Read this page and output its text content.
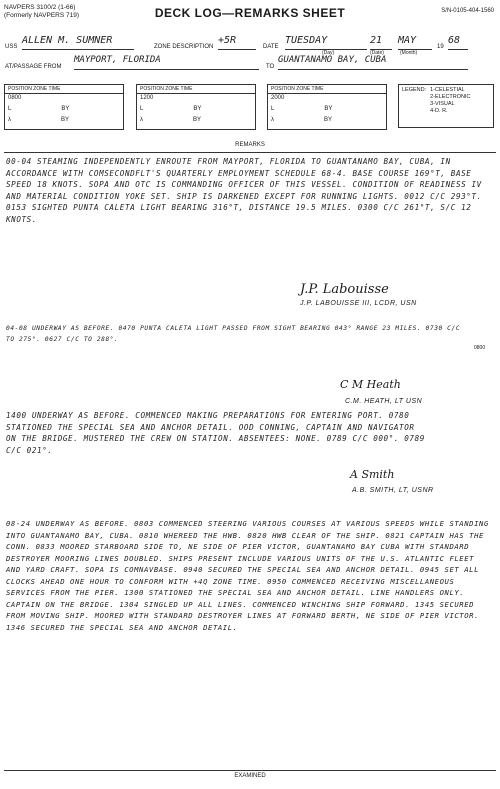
NAVPERS 3100/2 (1-66)
(Formerly NAVPERS 719)	DECK LOG—REMARKS SHEET	S/N-0105-404-1560
USS
ALLEN M. SUMNER
ZONE DESCRIPTION
+5R
DATE
TUESDAY	21	MAY
19
68
(Day)	(Date)	(Month)
AT/PASSAGE FROM
MAYPORT, FLORIDA
TO
GUANTANAMO BAY, CUBA
POSITION ZONE TIME
0800
L	BY
λ	BY
POSITION ZONE TIME
1200
L	BY
λ	BY
POSITION ZONE TIME
2000
L	BY
λ	BY
LEGEND: 1-CELESTIAL
2-ELECTRONIC
3-VISUAL
4-D. R.
REMARKS
00-04 STEAMING INDEPENDENTLY ENROUTE FROM MAYPORT, FLORIDA TO GUANTANAMO BAY, CUBA, IN ACCORDANCE WITH COMSECONDFLT'S QUARTERLY EMPLOYMENT SCHEDULE 68-4. BASE COURSE 169°T, BASE SPEED 18 KNOTS. SOPA AND OTC IS COMMANDING OFFICER OF THIS VESSEL. CONDITION OF READINESS IV AND MATERIAL CONDITION YOKE SET. SHIP IS DARKENED EXCEPT FOR RUNNING LIGHTS. 0012 C/C 293°T. 0153 SIGHTED PUNTA CALETA LIGHT BEARING 316°T, DISTANCE 19.5 MILES. 0300 C/C 261°T, S/C 12 KNOTS.
J.P. Labouisse
J.P. LABOUISSE III, LCDR, USN
04-08 UNDERWAY AS BEFORE. 0470 PUNTA CALETA LIGHT PASSED FROM SIGHT BEARING 043° RANGE 23 MILES. 0730 C/C TO 275°. 0627 C/C TO 288°.
0800
C M Heath
C.M. HEATH, LT USN
1400 UNDERWAY AS BEFORE. COMMENCED MAKING PREPARATIONS FOR ENTERING PORT. 0780 STATIONED THE SPECIAL SEA AND ANCHOR DETAIL. OOD CONNING, CAPTAIN AND NAVIGATOR ON THE BRIDGE. MUSTERED THE CREW ON STATION. ABSENTEES: NONE. 0789 C/C 000°. 0789 C/C 021°.
A Smith
A.B. SMITH, LT, USNR
08-24 UNDERWAY AS BEFORE. 0803 COMMENCED STEERING VARIOUS COURSES AT VARIOUS SPEEDS WHILE STANDING INTO GUANTANAMO BAY, CUBA. 0810 WHEREED THE HWB. 0820 HWB CLEAR OF THE SHIP. 0821 CAPTAIN HAS THE CONN. 0833 MOORED STARBOARD SIDE TO, NE SIDE OF PIER VICTOR, GUANTANAMO BAY CUBA WITH STANDARD DESTROYER MOORING LINES DOUBLED. SHIPS PRESENT INCLUDE VARIOUS UNITS OF THE U.S. ATLANTIC FLEET AND YARD CRAFT. SOPA IS COMNAVBASE. 0940 SECURED THE SPECIAL SEA AND ANCHOR DETAIL. 0945 SET ALL CLOCKS AHEAD ONE HOUR TO CONFORM WITH +4Q ZONE TIME. 0950 COMMENCED RECEIVING MISCELLANEOUS SERVICES FROM THE PIER. 1300 STATIONED THE SPECIAL SEA AND ANCHOR DETAIL. LINE HANDLERS ONLY. CAPTAIN ON THE BRIDGE. 1304 SINGLED UP ALL LINES. COMMENCED WINCHING SHIP FORWARD. 1345 SECURED FROM MOVING SHIP. MOORED WITH STANDARD DESTROYER LINES AT FORWARD BERTH, NE SIDE OF PIER VICTOR. 1346 SECURED THE SPECIAL SEA AND ANCHOR DETAIL.
EXAMINED
